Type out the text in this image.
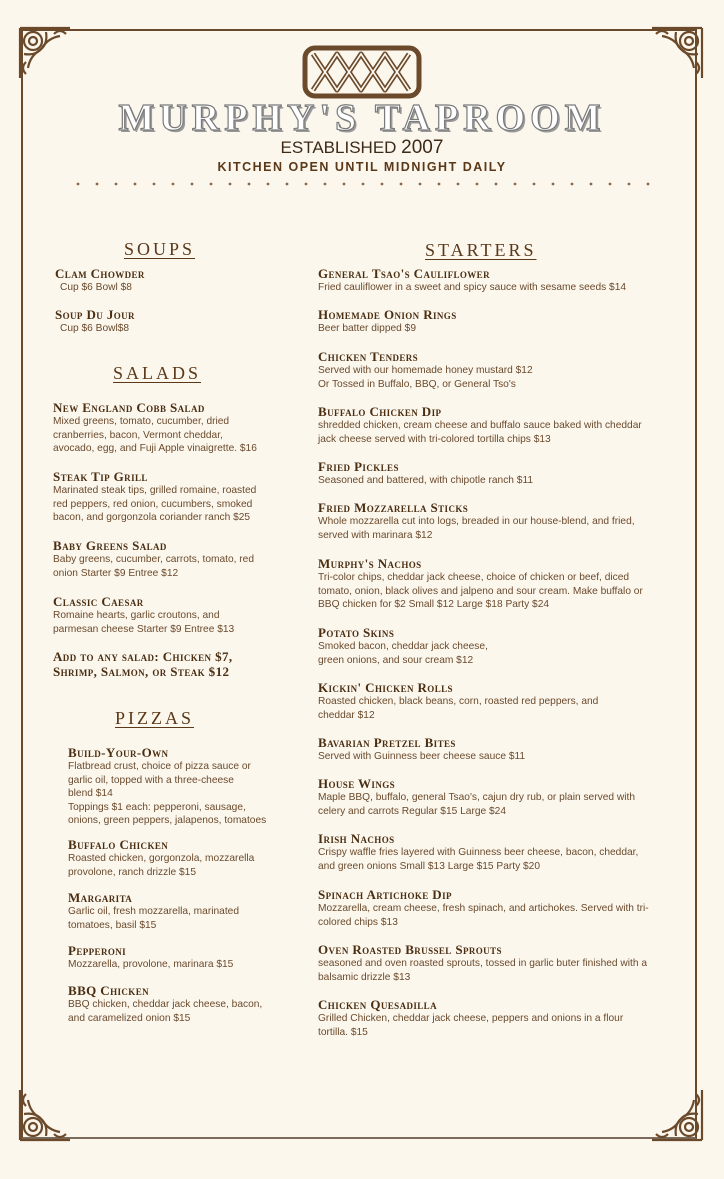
MURPHY'S TAPROOM
ESTABLISHED 2007
KITCHEN OPEN UNTIL MIDNIGHT DAILY
SOUPS
SALADS
PIZZAS
STARTERS
Clam Chowder
Cup $6 Bowl $8
Soup Du Jour
Cup $6 Bowl$8
New England Cobb Salad
Mixed greens, tomato, cucumber, dried
cranberries, bacon, Vermont cheddar,
avocado, egg, and Fuji Apple vinaigrette. $16
Steak Tip Grill
Marinated steak tips, grilled romaine, roasted
red peppers, red onion, cucumbers, smoked
bacon, and gorgonzola coriander ranch $25
Baby Greens Salad
Baby greens, cucumber, carrots, tomato, red
onion Starter $9 Entree $12
Classic Caesar
Romaine hearts, garlic croutons, and
parmesan cheese Starter $9 Entree $13
Add to any salad: Chicken $7,
Shrimp, Salmon, or Steak $12
Build-Your-Own
Flatbread crust, choice of pizza sauce or
garlic oil, topped with a three-cheese
blend $14
Toppings $1 each: pepperoni, sausage,
onions, green peppers, jalapenos, tomatoes
Buffalo Chicken
Roasted chicken, gorgonzola, mozzarella
provolone, ranch drizzle $15
Margarita
Garlic oil, fresh mozzarella, marinated
tomatoes, basil $15
Pepperoni
Mozzarella, provolone, marinara $15
BBQ Chicken
BBQ chicken, cheddar jack cheese, bacon,
and caramelized onion $15
General Tsao's Cauliflower
Fried cauliflower in a sweet and spicy sauce with sesame seeds $14
Homemade Onion Rings
Beer batter dipped $9
Chicken Tenders
Served with our homemade honey mustard $12
Or Tossed in Buffalo, BBQ, or General Tso's
Buffalo Chicken Dip
shredded chicken, cream cheese and buffalo sauce baked with cheddar
jack cheese served with tri-colored tortilla chips $13
Fried Pickles
Seasoned and battered, with chipotle ranch $11
Fried Mozzarella Sticks
Whole mozzarella cut into logs, breaded in our house-blend, and fried,
served with marinara $12
Murphy's Nachos
Tri-color chips, cheddar jack cheese, choice of chicken or beef, diced
tomato, onion, black olives and jalpeno and sour cream. Make buffalo or
BBQ chicken for $2 Small $12 Large $18 Party $24
Potato Skins
Smoked bacon, cheddar jack cheese,
green onions, and sour cream $12
Kickin' Chicken Rolls
Roasted chicken, black beans, corn, roasted red peppers, and
cheddar $12
Bavarian Pretzel Bites
Served with Guinness beer cheese sauce $11
House Wings
Maple BBQ, buffalo, general Tsao's, cajun dry rub, or plain served with
celery and carrots Regular $15 Large $24
Irish Nachos
Crispy waffle fries layered with Guinness beer cheese, bacon, cheddar,
and green onions Small $13 Large $15 Party $20
Spinach Artichoke Dip
Mozzarella, cream cheese, fresh spinach, and artichokes. Served with tri-
colored chips $13
Oven Roasted Brussel Sprouts
seasoned and oven roasted sprouts, tossed in garlic buter finished with a
balsamic drizzle $13
Chicken Quesadilla
Grilled Chicken, cheddar jack cheese, peppers and onions in a flour
tortilla. $15
